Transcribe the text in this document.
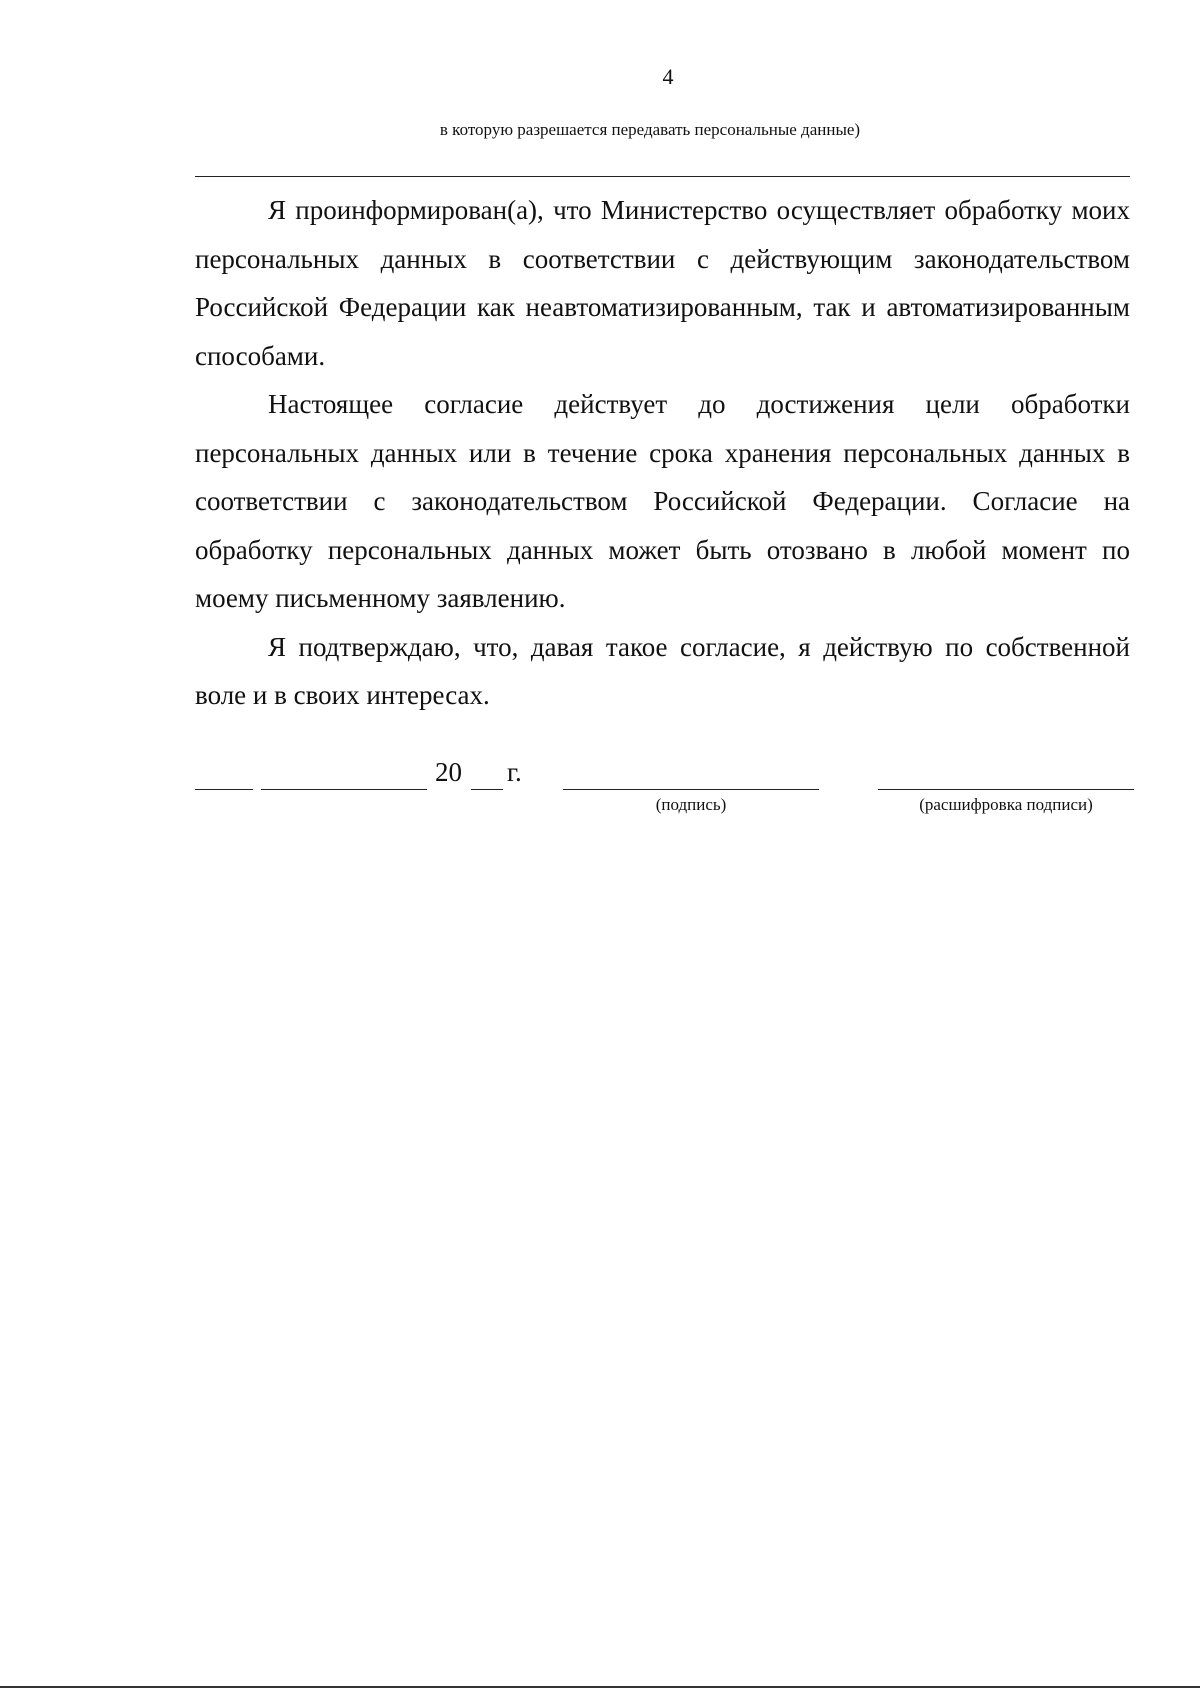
4
в которую разрешается передавать персональные данные)

Я проинформирован(а), что Министерство осуществляет обработку моих персональных данных в соответствии с действующим законодательством Российской Федерации как неавтоматизированным, так и автоматизированным способами.

Настоящее согласие действует до достижения цели обработки персональных данных или в течение срока хранения персональных данных в соответствии с законодательством Российской Федерации. Согласие на обработку персональных данных может быть отозвано в любой момент по моему письменному заявлению.

Я подтверждаю, что, давая такое согласие, я действую по собственной воле и в своих интересах.

20 г.
(подпись)	(расшифровка подписи)
